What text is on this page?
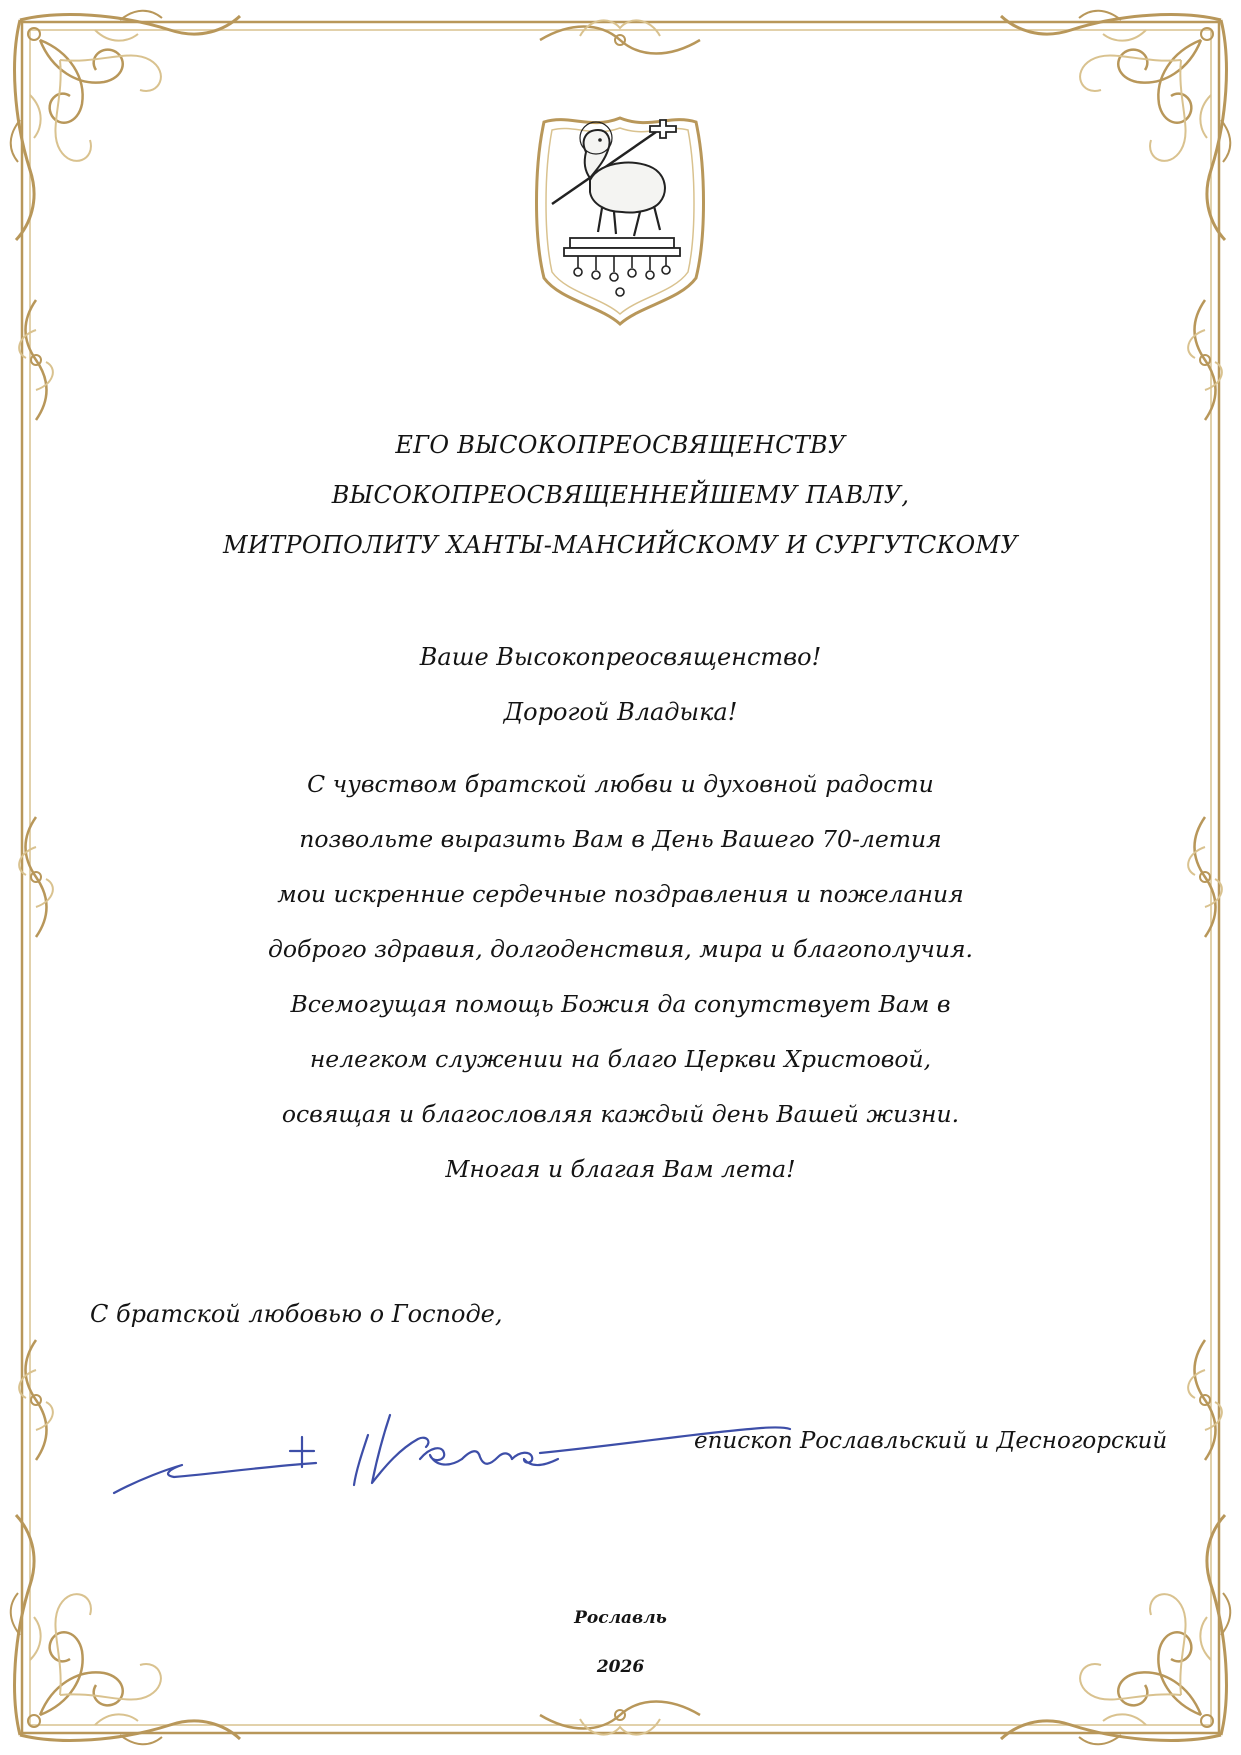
ЕГО ВЫСОКОПРЕОСВЯЩЕНСТВУ
ВЫСОКОПРЕОСВЯЩЕННЕЙШЕМУ ПАВЛУ,
МИТРОПОЛИТУ ХАНТЫ-МАНСИЙСКОМУ И СУРГУТСКОМУ
Ваше Высокопреосвященство!
Дорогой Владыка!
С чувством братской любви и духовной радости
позвольте выразить Вам в День Вашего 70-летия
мои искренние сердечные поздравления и пожелания
доброго здравия, долгоденствия, мира и благополучия.
Всемогущая помощь Божия да сопутствует Вам в
нелегком служении на благо Церкви Христовой,
освящая и благословляя каждый день Вашей жизни.
Многая и благая Вам лета!
С братской любовью о Господе,
епископ Рославльский и Десногорский
Рославль
2026
